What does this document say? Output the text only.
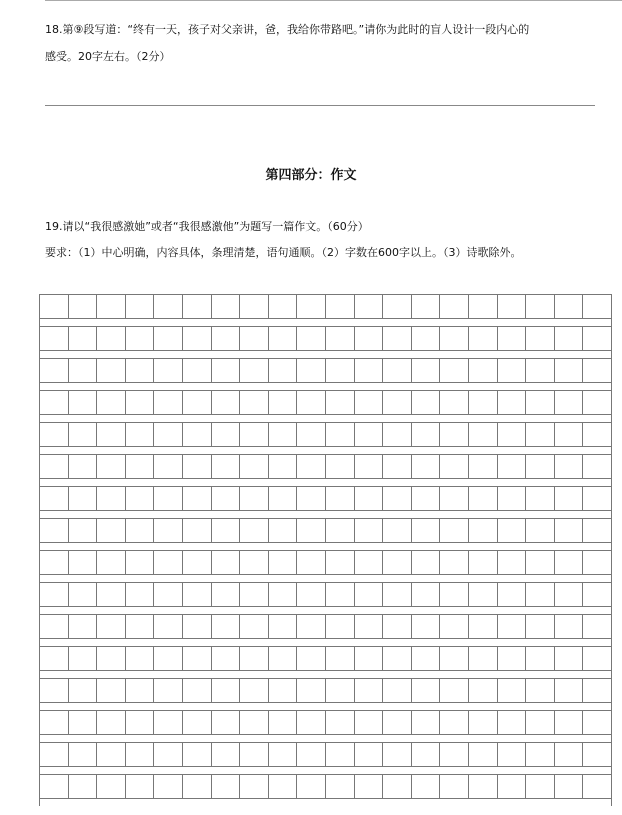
18.第⑨段写道：“终有一天，孩子对父亲讲，爸，我给你带路吧。”请你为此时的盲人设计一段内心的
感受。20字左右。（2分）
第四部分：作文
19.请以“我很感激她”或者“我很感激他”为题写一篇作文。（60分）
要求：（1）中心明确，内容具体，条理清楚，语句通顺。（2）字数在600字以上。（3）诗歌除外。
